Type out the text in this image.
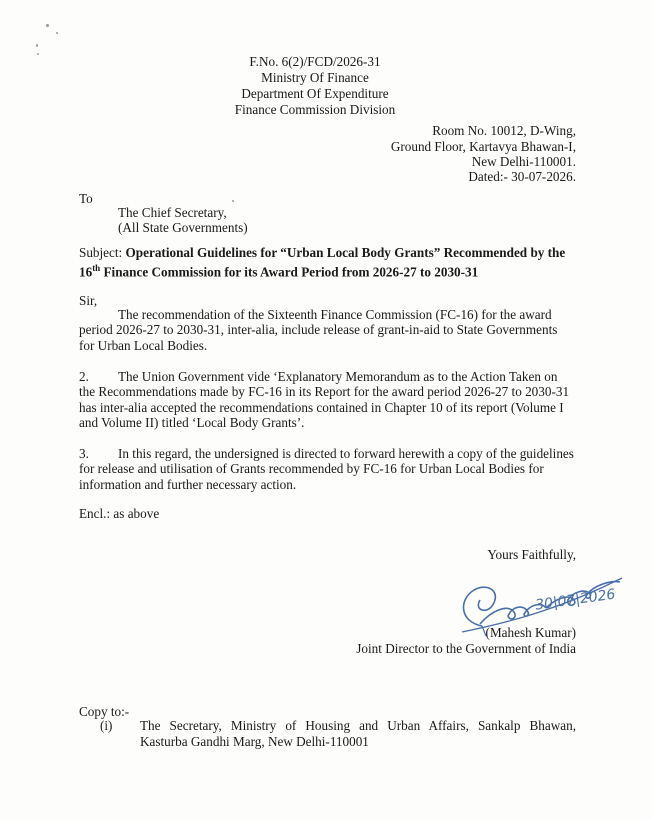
F.No. 6(2)/FCD/2026-31
Ministry Of Finance
Department Of Expenditure
Finance Commission Division
Room No. 10012, D-Wing,
Ground Floor, Kartavya Bhawan-I,
New Delhi-110001.
Dated:- 30-07-2026.
To
The Chief Secretary,
(All State Governments)
Subject: Operational Guidelines for “Urban Local Body Grants” Recommended by the
16th Finance Commission for its Award Period from 2026-27 to 2030-31
Sir,
The recommendation of the Sixteenth Finance Commission (FC-16) for the award
period 2026-27 to 2030-31, inter-alia, include release of grant-in-aid to State Governments
for Urban Local Bodies.
2. The Union Government vide ‘Explanatory Memorandum as to the Action Taken on
the Recommendations made by FC-16 in its Report for the award period 2026-27 to 2030-31
has inter-alia accepted the recommendations contained in Chapter 10 of its report (Volume I
and Volume II) titled ‘Local Body Grants’.
3. In this regard, the undersigned is directed to forward herewith a copy of the guidelines
for release and utilisation of Grants recommended by FC-16 for Urban Local Bodies for
information and further necessary action.
Encl.: as above
Yours Faithfully,
30|07|2026
(Mahesh Kumar)
Joint Director to the Government of India
Copy to:-
(i) The Secretary, Ministry of Housing and Urban Affairs, Sankalp Bhawan,
Kasturba Gandhi Marg, New Delhi-110001
